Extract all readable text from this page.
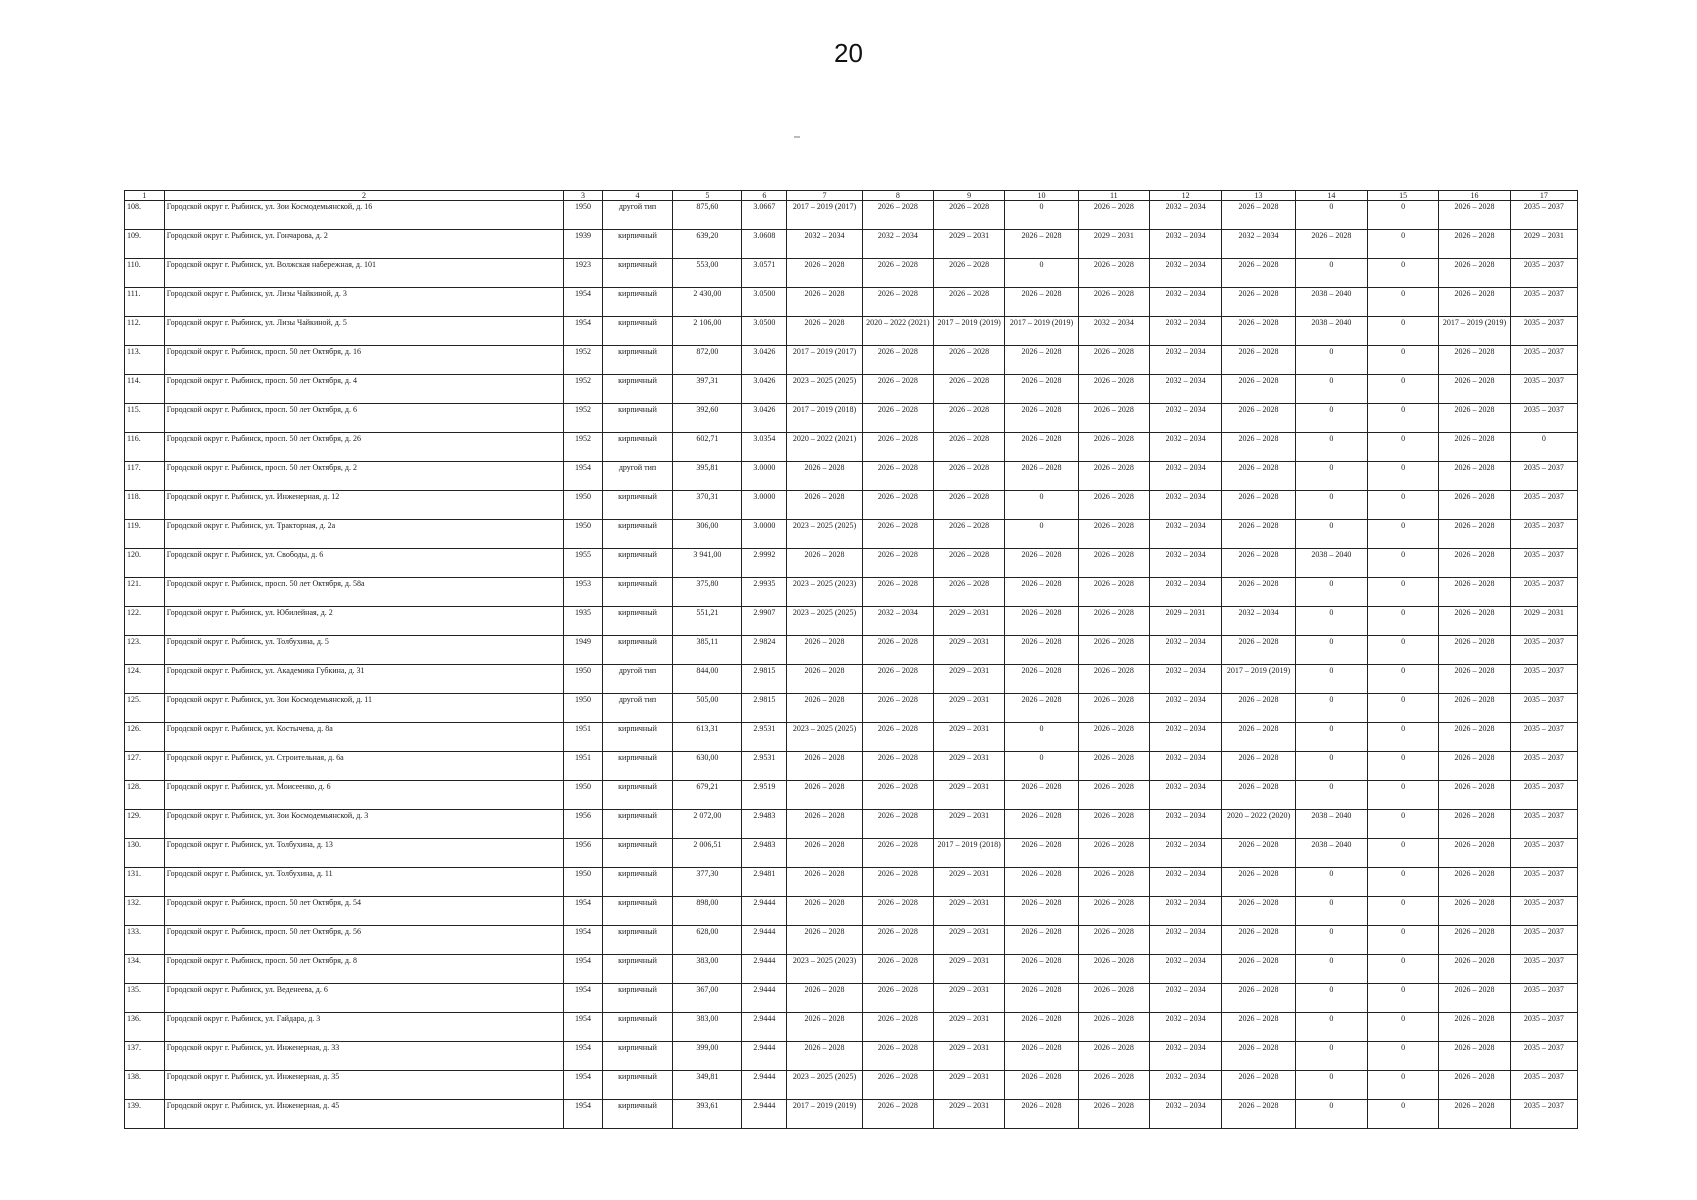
20
1	2	3	4	5	6	7	8	9	10	11	12	13	14	15	16	17
108.	Городской округ г. Рыбинск, ул. Зои Космодемьянской, д. 16	1950	другой тип	875,60	3.0667	2017 – 2019 (2017)	2026 – 2028	2026 – 2028	0	2026 – 2028	2032 – 2034	2026 – 2028	0	0	2026 – 2028	2035 – 2037
109.	Городской округ г. Рыбинск, ул. Гончарова, д. 2	1939	кирпичный	639,20	3.0608	2032 – 2034	2032 – 2034	2029 – 2031	2026 – 2028	2029 – 2031	2032 – 2034	2032 – 2034	2026 – 2028	0	2026 – 2028	2029 – 2031
110.	Городской округ г. Рыбинск, ул. Волжская набережная, д. 101	1923	кирпичный	553,00	3.0571	2026 – 2028	2026 – 2028	2026 – 2028	0	2026 – 2028	2032 – 2034	2026 – 2028	0	0	2026 – 2028	2035 – 2037
111.	Городской округ г. Рыбинск, ул. Лизы Чайкиной, д. 3	1954	кирпичный	2 430,00	3.0500	2026 – 2028	2026 – 2028	2026 – 2028	2026 – 2028	2026 – 2028	2032 – 2034	2026 – 2028	2038 – 2040	0	2026 – 2028	2035 – 2037
112.	Городской округ г. Рыбинск, ул. Лизы Чайкиной, д. 5	1954	кирпичный	2 106,00	3.0500	2026 – 2028	2020 – 2022 (2021)	2017 – 2019 (2019)	2017 – 2019 (2019)	2032 – 2034	2032 – 2034	2026 – 2028	2038 – 2040	0	2017 – 2019 (2019)	2035 – 2037
113.	Городской округ г. Рыбинск, просп. 50 лет Октября, д. 16	1952	кирпичный	872,00	3.0426	2017 – 2019 (2017)	2026 – 2028	2026 – 2028	2026 – 2028	2026 – 2028	2032 – 2034	2026 – 2028	0	0	2026 – 2028	2035 – 2037
114.	Городской округ г. Рыбинск, просп. 50 лет Октября, д. 4	1952	кирпичный	397,31	3.0426	2023 – 2025 (2025)	2026 – 2028	2026 – 2028	2026 – 2028	2026 – 2028	2032 – 2034	2026 – 2028	0	0	2026 – 2028	2035 – 2037
115.	Городской округ г. Рыбинск, просп. 50 лет Октября, д. 6	1952	кирпичный	392,60	3.0426	2017 – 2019 (2018)	2026 – 2028	2026 – 2028	2026 – 2028	2026 – 2028	2032 – 2034	2026 – 2028	0	0	2026 – 2028	2035 – 2037
116.	Городской округ г. Рыбинск, просп. 50 лет Октября, д. 26	1952	кирпичный	602,71	3.0354	2020 – 2022 (2021)	2026 – 2028	2026 – 2028	2026 – 2028	2026 – 2028	2032 – 2034	2026 – 2028	0	0	2026 – 2028	0
117.	Городской округ г. Рыбинск, просп. 50 лет Октября, д. 2	1954	другой тип	395,81	3.0000	2026 – 2028	2026 – 2028	2026 – 2028	2026 – 2028	2026 – 2028	2032 – 2034	2026 – 2028	0	0	2026 – 2028	2035 – 2037
118.	Городской округ г. Рыбинск, ул. Инженерная, д. 12	1950	кирпичный	370,31	3.0000	2026 – 2028	2026 – 2028	2026 – 2028	0	2026 – 2028	2032 – 2034	2026 – 2028	0	0	2026 – 2028	2035 – 2037
119.	Городской округ г. Рыбинск, ул. Тракторная, д. 2а	1950	кирпичный	306,00	3.0000	2023 – 2025 (2025)	2026 – 2028	2026 – 2028	0	2026 – 2028	2032 – 2034	2026 – 2028	0	0	2026 – 2028	2035 – 2037
120.	Городской округ г. Рыбинск, ул. Свободы, д. 6	1955	кирпичный	3 941,00	2.9992	2026 – 2028	2026 – 2028	2026 – 2028	2026 – 2028	2026 – 2028	2032 – 2034	2026 – 2028	2038 – 2040	0	2026 – 2028	2035 – 2037
121.	Городской округ г. Рыбинск, просп. 50 лет Октября, д. 58а	1953	кирпичный	375,80	2.9935	2023 – 2025 (2023)	2026 – 2028	2026 – 2028	2026 – 2028	2026 – 2028	2032 – 2034	2026 – 2028	0	0	2026 – 2028	2035 – 2037
122.	Городской округ г. Рыбинск, ул. Юбилейная, д. 2	1935	кирпичный	551,21	2.9907	2023 – 2025 (2025)	2032 – 2034	2029 – 2031	2026 – 2028	2026 – 2028	2029 – 2031	2032 – 2034	0	0	2026 – 2028	2029 – 2031
123.	Городской округ г. Рыбинск, ул. Толбухина, д. 5	1949	кирпичный	385,11	2.9824	2026 – 2028	2026 – 2028	2029 – 2031	2026 – 2028	2026 – 2028	2032 – 2034	2026 – 2028	0	0	2026 – 2028	2035 – 2037
124.	Городской округ г. Рыбинск, ул. Академика Губкина, д. 31	1950	другой тип	844,00	2.9815	2026 – 2028	2026 – 2028	2029 – 2031	2026 – 2028	2026 – 2028	2032 – 2034	2017 – 2019 (2019)	0	0	2026 – 2028	2035 – 2037
125.	Городской округ г. Рыбинск, ул. Зои Космодемьянской, д. 11	1950	другой тип	505,00	2.9815	2026 – 2028	2026 – 2028	2029 – 2031	2026 – 2028	2026 – 2028	2032 – 2034	2026 – 2028	0	0	2026 – 2028	2035 – 2037
126.	Городской округ г. Рыбинск, ул. Костычева, д. 8а	1951	кирпичный	613,31	2.9531	2023 – 2025 (2025)	2026 – 2028	2029 – 2031	0	2026 – 2028	2032 – 2034	2026 – 2028	0	0	2026 – 2028	2035 – 2037
127.	Городской округ г. Рыбинск, ул. Строительная, д. 6а	1951	кирпичный	630,00	2.9531	2026 – 2028	2026 – 2028	2029 – 2031	0	2026 – 2028	2032 – 2034	2026 – 2028	0	0	2026 – 2028	2035 – 2037
128.	Городской округ г. Рыбинск, ул. Моисеенко, д. 6	1950	кирпичный	679,21	2.9519	2026 – 2028	2026 – 2028	2029 – 2031	2026 – 2028	2026 – 2028	2032 – 2034	2026 – 2028	0	0	2026 – 2028	2035 – 2037
129.	Городской округ г. Рыбинск, ул. Зои Космодемьянской, д. 3	1956	кирпичный	2 072,00	2.9483	2026 – 2028	2026 – 2028	2029 – 2031	2026 – 2028	2026 – 2028	2032 – 2034	2020 – 2022 (2020)	2038 – 2040	0	2026 – 2028	2035 – 2037
130.	Городской округ г. Рыбинск, ул. Толбухина, д. 13	1956	кирпичный	2 006,51	2.9483	2026 – 2028	2026 – 2028	2017 – 2019 (2018)	2026 – 2028	2026 – 2028	2032 – 2034	2026 – 2028	2038 – 2040	0	2026 – 2028	2035 – 2037
131.	Городской округ г. Рыбинск, ул. Толбухина, д. 11	1950	кирпичный	377,30	2.9481	2026 – 2028	2026 – 2028	2029 – 2031	2026 – 2028	2026 – 2028	2032 – 2034	2026 – 2028	0	0	2026 – 2028	2035 – 2037
132.	Городской округ г. Рыбинск, просп. 50 лет Октября, д. 54	1954	кирпичный	898,00	2.9444	2026 – 2028	2026 – 2028	2029 – 2031	2026 – 2028	2026 – 2028	2032 – 2034	2026 – 2028	0	0	2026 – 2028	2035 – 2037
133.	Городской округ г. Рыбинск, просп. 50 лет Октября, д. 56	1954	кирпичный	628,00	2.9444	2026 – 2028	2026 – 2028	2029 – 2031	2026 – 2028	2026 – 2028	2032 – 2034	2026 – 2028	0	0	2026 – 2028	2035 – 2037
134.	Городской округ г. Рыбинск, просп. 50 лет Октября, д. 8	1954	кирпичный	383,00	2.9444	2023 – 2025 (2023)	2026 – 2028	2029 – 2031	2026 – 2028	2026 – 2028	2032 – 2034	2026 – 2028	0	0	2026 – 2028	2035 – 2037
135.	Городской округ г. Рыбинск, ул. Веденеева, д. 6	1954	кирпичный	367,00	2.9444	2026 – 2028	2026 – 2028	2029 – 2031	2026 – 2028	2026 – 2028	2032 – 2034	2026 – 2028	0	0	2026 – 2028	2035 – 2037
136.	Городской округ г. Рыбинск, ул. Гайдара, д. 3	1954	кирпичный	383,00	2.9444	2026 – 2028	2026 – 2028	2029 – 2031	2026 – 2028	2026 – 2028	2032 – 2034	2026 – 2028	0	0	2026 – 2028	2035 – 2037
137.	Городской округ г. Рыбинск, ул. Инженерная, д. 33	1954	кирпичный	399,00	2.9444	2026 – 2028	2026 – 2028	2029 – 2031	2026 – 2028	2026 – 2028	2032 – 2034	2026 – 2028	0	0	2026 – 2028	2035 – 2037
138.	Городской округ г. Рыбинск, ул. Инженерная, д. 35	1954	кирпичный	349,81	2.9444	2023 – 2025 (2025)	2026 – 2028	2029 – 2031	2026 – 2028	2026 – 2028	2032 – 2034	2026 – 2028	0	0	2026 – 2028	2035 – 2037
139.	Городской округ г. Рыбинск, ул. Инженерная, д. 45	1954	кирпичный	393,61	2.9444	2017 – 2019 (2019)	2026 – 2028	2029 – 2031	2026 – 2028	2026 – 2028	2032 – 2034	2026 – 2028	0	0	2026 – 2028	2035 – 2037
